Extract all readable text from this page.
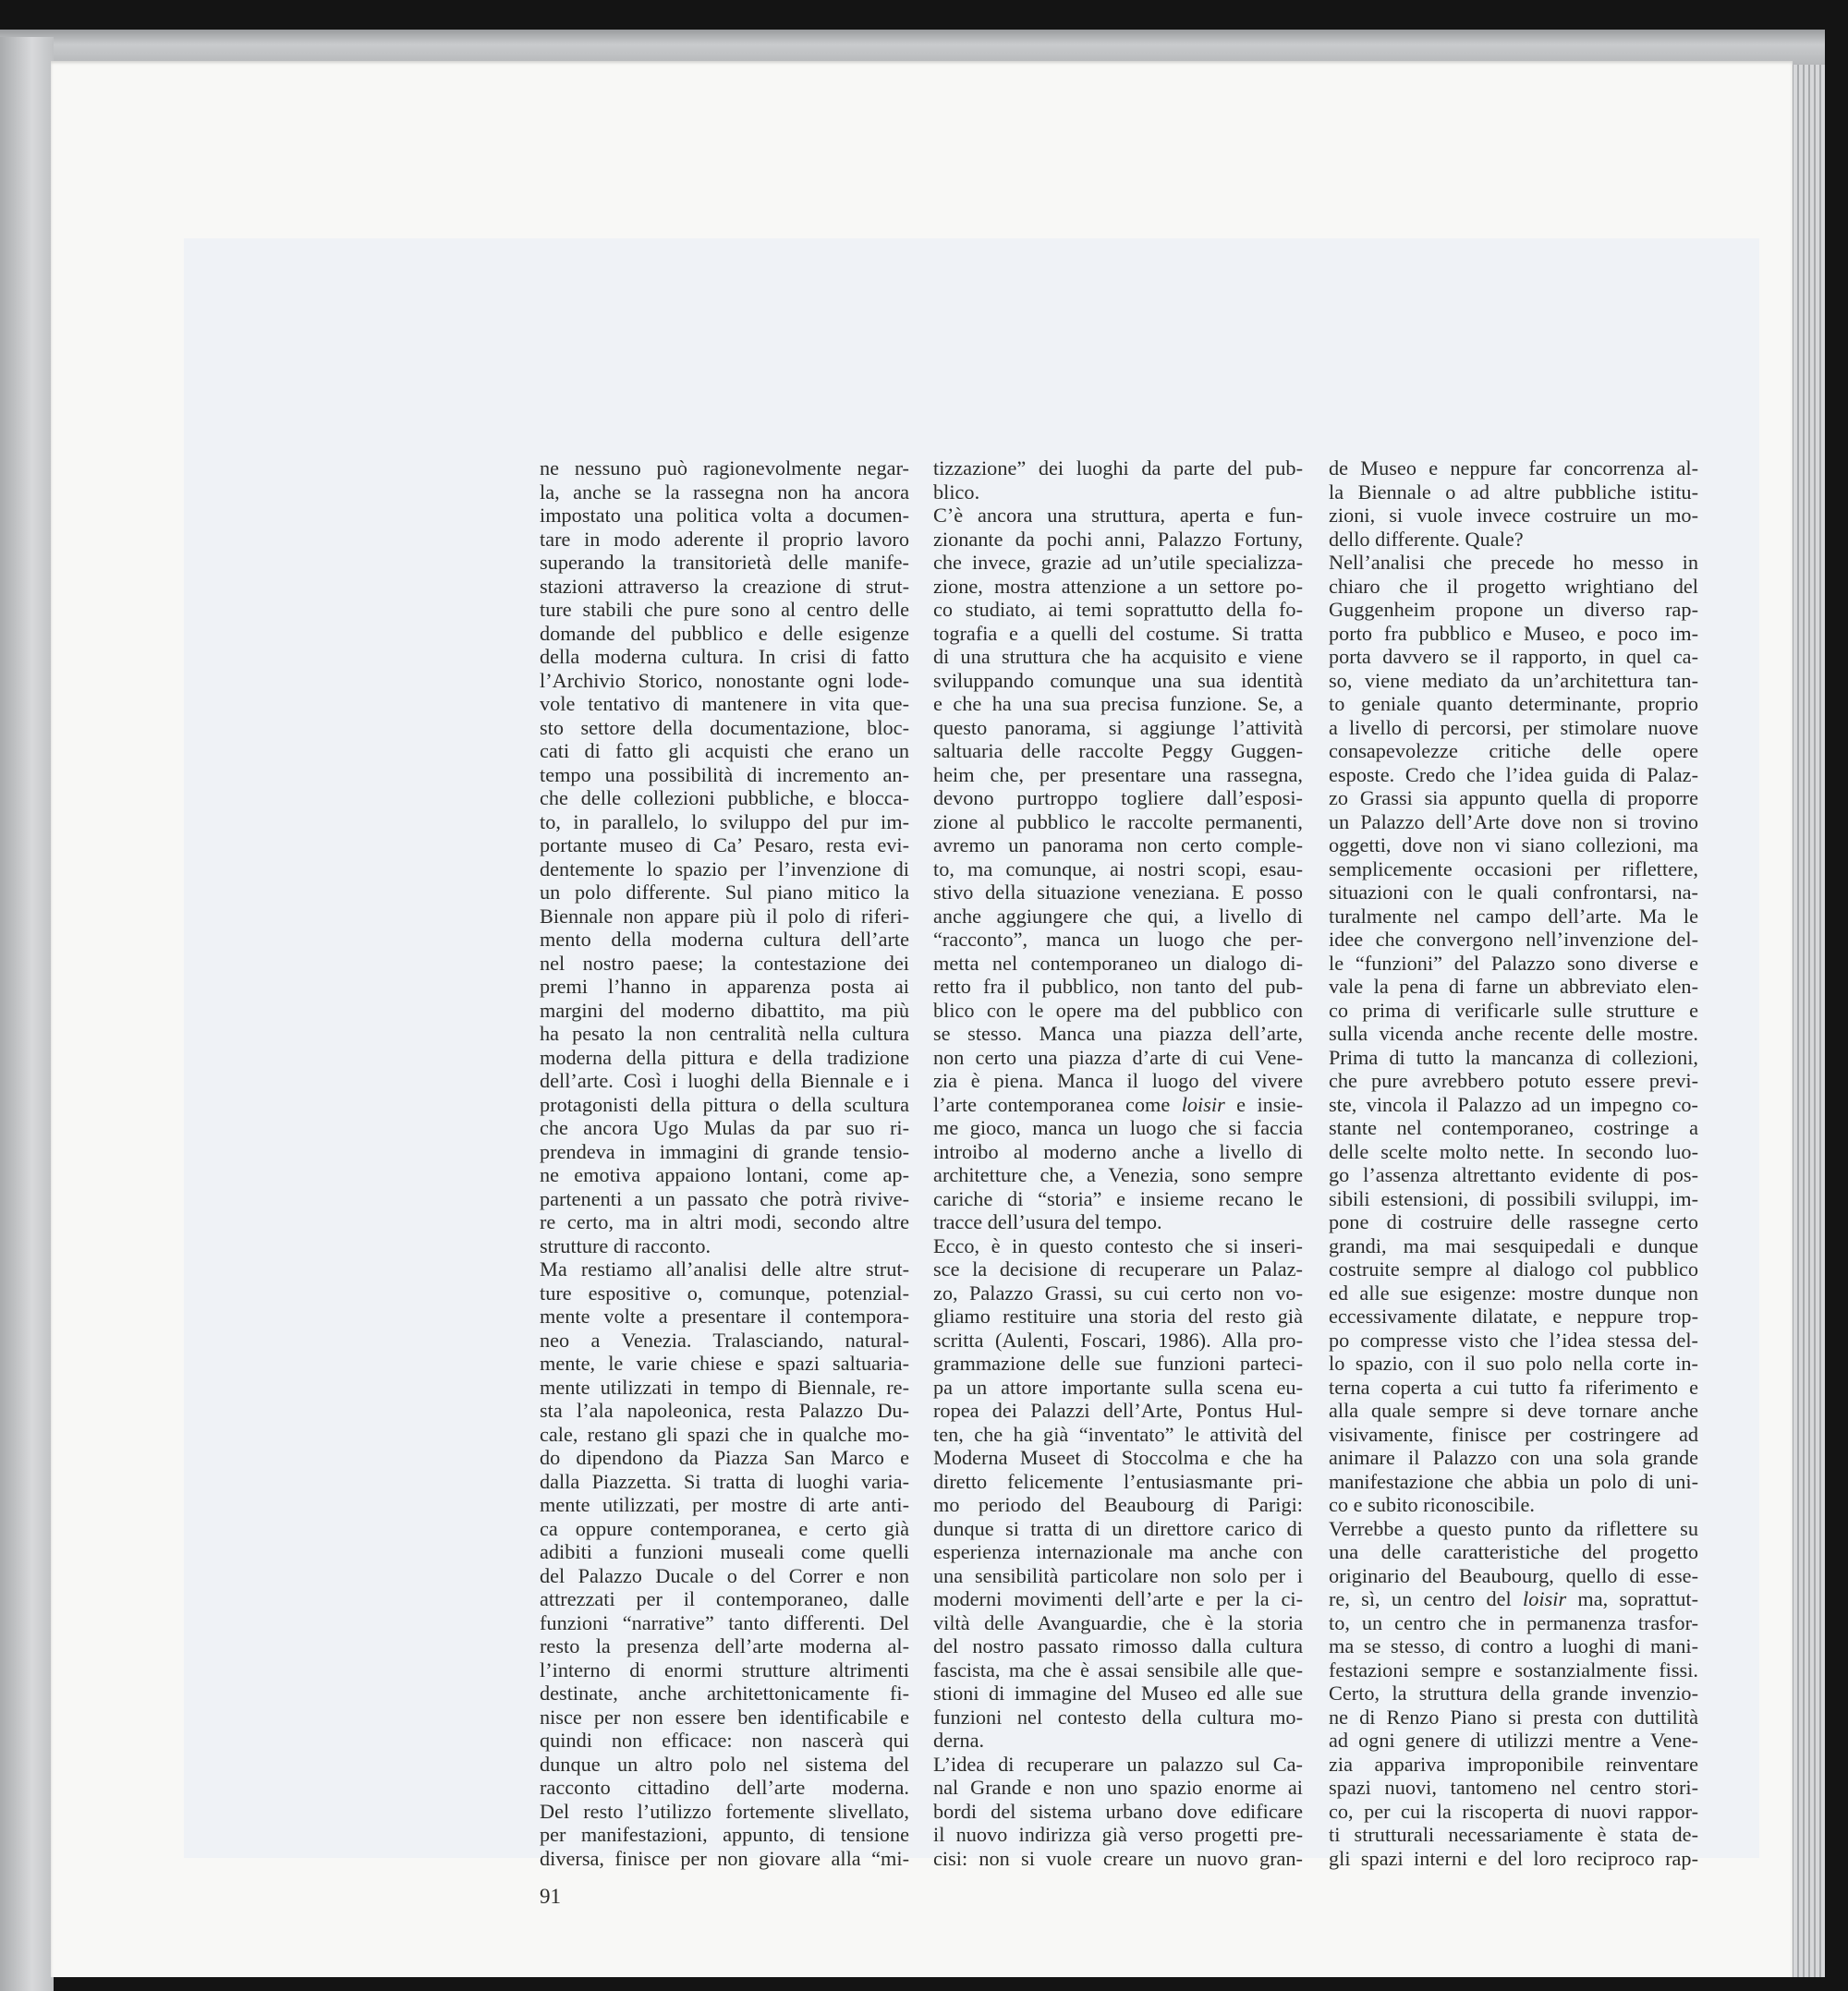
ne nessuno può ragionevolmente negar-
la, anche se la rassegna non ha ancora
impostato una politica volta a documen-
tare in modo aderente il proprio lavoro
superando la transitorietà delle manife-
stazioni attraverso la creazione di strut-
ture stabili che pure sono al centro delle
domande del pubblico e delle esigenze
della moderna cultura. In crisi di fatto
l’Archivio Storico, nonostante ogni lode-
vole tentativo di mantenere in vita que-
sto settore della documentazione, bloc-
cati di fatto gli acquisti che erano un
tempo una possibilità di incremento an-
che delle collezioni pubbliche, e blocca-
to, in parallelo, lo sviluppo del pur im-
portante museo di Ca’ Pesaro, resta evi-
dentemente lo spazio per l’invenzione di
un polo differente. Sul piano mitico la
Biennale non appare più il polo di riferi-
mento della moderna cultura dell’arte
nel nostro paese; la contestazione dei
premi l’hanno in apparenza posta ai
margini del moderno dibattito, ma più
ha pesato la non centralità nella cultura
moderna della pittura e della tradizione
dell’arte. Così i luoghi della Biennale e i
protagonisti della pittura o della scultura
che ancora Ugo Mulas da par suo ri-
prendeva in immagini di grande tensio-
ne emotiva appaiono lontani, come ap-
partenenti a un passato che potrà rivive-
re certo, ma in altri modi, secondo altre
strutture di racconto.
Ma restiamo all’analisi delle altre strut-
ture espositive o, comunque, potenzial-
mente volte a presentare il contempora-
neo a Venezia. Tralasciando, natural-
mente, le varie chiese e spazi saltuaria-
mente utilizzati in tempo di Biennale, re-
sta l’ala napoleonica, resta Palazzo Du-
cale, restano gli spazi che in qualche mo-
do dipendono da Piazza San Marco e
dalla Piazzetta. Si tratta di luoghi varia-
mente utilizzati, per mostre di arte anti-
ca oppure contemporanea, e certo già
adibiti a funzioni museali come quelli
del Palazzo Ducale o del Correr e non
attrezzati per il contemporaneo, dalle
funzioni “narrative” tanto differenti. Del
resto la presenza dell’arte moderna al-
l’interno di enormi strutture altrimenti
destinate, anche architettonicamente fi-
nisce per non essere ben identificabile e
quindi non efficace: non nascerà qui
dunque un altro polo nel sistema del
racconto cittadino dell’arte moderna.
Del resto l’utilizzo fortemente slivellato,
per manifestazioni, appunto, di tensione
diversa, finisce per non giovare alla “mi-
tizzazione” dei luoghi da parte del pub-
blico.
C’è ancora una struttura, aperta e fun-
zionante da pochi anni, Palazzo Fortuny,
che invece, grazie ad un’utile specializza-
zione, mostra attenzione a un settore po-
co studiato, ai temi soprattutto della fo-
tografia e a quelli del costume. Si tratta
di una struttura che ha acquisito e viene
sviluppando comunque una sua identità
e che ha una sua precisa funzione. Se, a
questo panorama, si aggiunge l’attività
saltuaria delle raccolte Peggy Guggen-
heim che, per presentare una rassegna,
devono purtroppo togliere dall’esposi-
zione al pubblico le raccolte permanenti,
avremo un panorama non certo comple-
to, ma comunque, ai nostri scopi, esau-
stivo della situazione veneziana. E posso
anche aggiungere che qui, a livello di
“racconto”, manca un luogo che per-
metta nel contemporaneo un dialogo di-
retto fra il pubblico, non tanto del pub-
blico con le opere ma del pubblico con
se stesso. Manca una piazza dell’arte,
non certo una piazza d’arte di cui Vene-
zia è piena. Manca il luogo del vivere
l’arte contemporanea come loisir e insie-
me gioco, manca un luogo che si faccia
introibo al moderno anche a livello di
architetture che, a Venezia, sono sempre
cariche di “storia” e insieme recano le
tracce dell’usura del tempo.
Ecco, è in questo contesto che si inseri-
sce la decisione di recuperare un Palaz-
zo, Palazzo Grassi, su cui certo non vo-
gliamo restituire una storia del resto già
scritta (Aulenti, Foscari, 1986). Alla pro-
grammazione delle sue funzioni parteci-
pa un attore importante sulla scena eu-
ropea dei Palazzi dell’Arte, Pontus Hul-
ten, che ha già “inventato” le attività del
Moderna Museet di Stoccolma e che ha
diretto felicemente l’entusiasmante pri-
mo periodo del Beaubourg di Parigi:
dunque si tratta di un direttore carico di
esperienza internazionale ma anche con
una sensibilità particolare non solo per i
moderni movimenti dell’arte e per la ci-
viltà delle Avanguardie, che è la storia
del nostro passato rimosso dalla cultura
fascista, ma che è assai sensibile alle que-
stioni di immagine del Museo ed alle sue
funzioni nel contesto della cultura mo-
derna.
L’idea di recuperare un palazzo sul Ca-
nal Grande e non uno spazio enorme ai
bordi del sistema urbano dove edificare
il nuovo indirizza già verso progetti pre-
cisi: non si vuole creare un nuovo gran-
de Museo e neppure far concorrenza al-
la Biennale o ad altre pubbliche istitu-
zioni, si vuole invece costruire un mo-
dello differente. Quale?
Nell’analisi che precede ho messo in
chiaro che il progetto wrightiano del
Guggenheim propone un diverso rap-
porto fra pubblico e Museo, e poco im-
porta davvero se il rapporto, in quel ca-
so, viene mediato da un’architettura tan-
to geniale quanto determinante, proprio
a livello di percorsi, per stimolare nuove
consapevolezze critiche delle opere
esposte. Credo che l’idea guida di Palaz-
zo Grassi sia appunto quella di proporre
un Palazzo dell’Arte dove non si trovino
oggetti, dove non vi siano collezioni, ma
semplicemente occasioni per riflettere,
situazioni con le quali confrontarsi, na-
turalmente nel campo dell’arte. Ma le
idee che convergono nell’invenzione del-
le “funzioni” del Palazzo sono diverse e
vale la pena di farne un abbreviato elen-
co prima di verificarle sulle strutture e
sulla vicenda anche recente delle mostre.
Prima di tutto la mancanza di collezioni,
che pure avrebbero potuto essere previ-
ste, vincola il Palazzo ad un impegno co-
stante nel contemporaneo, costringe a
delle scelte molto nette. In secondo luo-
go l’assenza altrettanto evidente di pos-
sibili estensioni, di possibili sviluppi, im-
pone di costruire delle rassegne certo
grandi, ma mai sesquipedali e dunque
costruite sempre al dialogo col pubblico
ed alle sue esigenze: mostre dunque non
eccessivamente dilatate, e neppure trop-
po compresse visto che l’idea stessa del-
lo spazio, con il suo polo nella corte in-
terna coperta a cui tutto fa riferimento e
alla quale sempre si deve tornare anche
visivamente, finisce per costringere ad
animare il Palazzo con una sola grande
manifestazione che abbia un polo di uni-
co e subito riconoscibile.
Verrebbe a questo punto da riflettere su
una delle caratteristiche del progetto
originario del Beaubourg, quello di esse-
re, sì, un centro del loisir ma, soprattut-
to, un centro che in permanenza trasfor-
ma se stesso, di contro a luoghi di mani-
festazioni sempre e sostanzialmente fissi.
Certo, la struttura della grande invenzio-
ne di Renzo Piano si presta con duttilità
ad ogni genere di utilizzi mentre a Vene-
zia appariva improponibile reinventare
spazi nuovi, tantomeno nel centro stori-
co, per cui la riscoperta di nuovi rappor-
ti strutturali necessariamente è stata de-
gli spazi interni e del loro reciproco rap-
91
